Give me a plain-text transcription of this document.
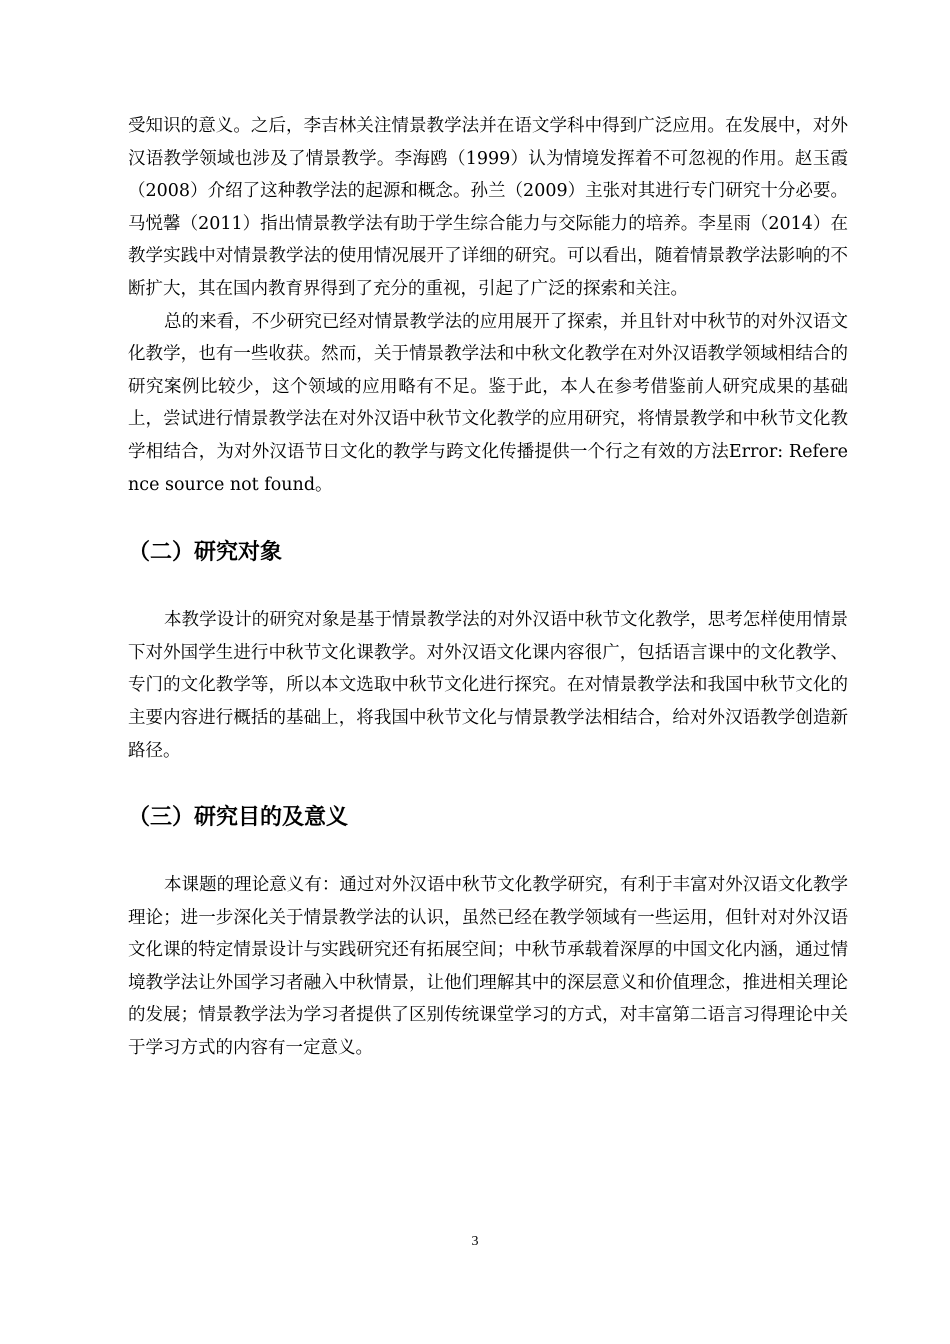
受知识的意义。之后，李吉林关注情景教学法并在语文学科中得到广泛应用。在发展中，对外汉语教学领域也涉及了情景教学。李海鸥（1999）认为情境发挥着不可忽视的作用。赵玉霞（2008）介绍了这种教学法的起源和概念。孙兰（2009）主张对其进行专门研究十分必要。马悦馨（2011）指出情景教学法有助于学生综合能力与交际能力的培养。李星雨（2014）在教学实践中对情景教学法的使用情况展开了详细的研究。可以看出，随着情景教学法影响的不断扩大，其在国内教育界得到了充分的重视，引起了广泛的探索和关注。

总的来看，不少研究已经对情景教学法的应用展开了探索，并且针对中秋节的对外汉语文化教学，也有一些收获。然而，关于情景教学法和中秋文化教学在对外汉语教学领域相结合的研究案例比较少，这个领域的应用略有不足。鉴于此，本人在参考借鉴前人研究成果的基础上，尝试进行情景教学法在对外汉语中秋节文化教学的应用研究，将情景教学和中秋节文化教学相结合，为对外汉语节日文化的教学与跨文化传播提供一个行之有效的方法Error: Reference source not found。

（二）研究对象

本教学设计的研究对象是基于情景教学法的对外汉语中秋节文化教学，思考怎样使用情景下对外国学生进行中秋节文化课教学。对外汉语文化课内容很广，包括语言课中的文化教学、专门的文化教学等，所以本文选取中秋节文化进行探究。在对情景教学法和我国中秋节文化的主要内容进行概括的基础上，将我国中秋节文化与情景教学法相结合，给对外汉语教学创造新路径。

（三）研究目的及意义

本课题的理论意义有：通过对外汉语中秋节文化教学研究，有利于丰富对外汉语文化教学理论；进一步深化关于情景教学法的认识，虽然已经在教学领域有一些运用，但针对对外汉语文化课的特定情景设计与实践研究还有拓展空间；中秋节承载着深厚的中国文化内涵，通过情境教学法让外国学习者融入中秋情景，让他们理解其中的深层意义和价值理念，推进相关理论的发展；情景教学法为学习者提供了区别传统课堂学习的方式，对丰富第二语言习得理论中关于学习方式的内容有一定意义。

3
